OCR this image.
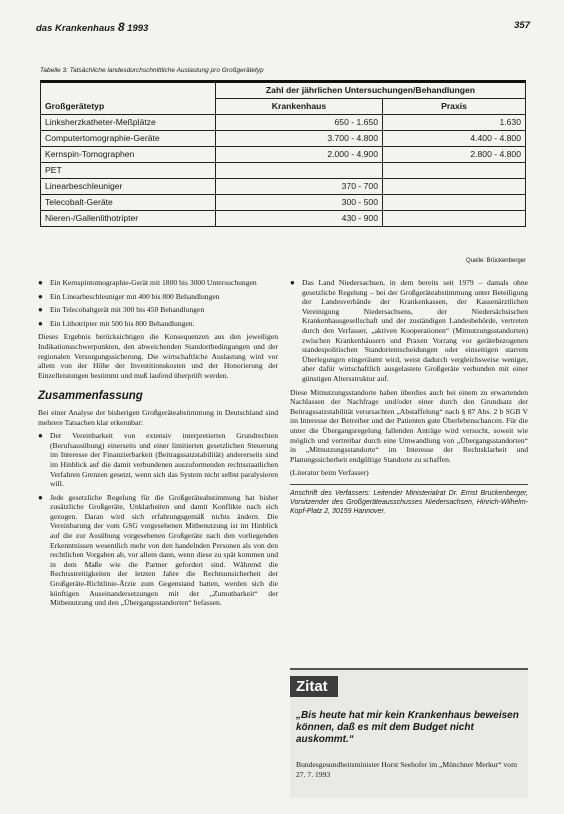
das Krankenhaus 8 1993	357
Tabelle 3: Tatsächliche landesdurchschnittliche Auslastung pro Großgerätetyp
	Zahl der jährlichen Untersuchungen/Behandlungen	
Großgerätetyp	Krankenhaus	Praxis
Linksherzkatheter-Meßplätze	650 - 1.650	1.630
Computertomographie-Geräte	3.700 - 4.800	4.400 - 4.800
Kernspin-Tomographen	2.000 - 4.900	2.800 - 4.800
PET		
Linearbeschleuniger	370 - 700	
Telecobalt-Geräte	300 - 500	
Nieren-/Gallenlithotripter	430 - 900	
Quelle: Brückenberger
● Ein Kernspintomographie-Gerät mit 1800 bis 3000 Untersuchungen
● Ein Linearbeschleuniger mit 400 bis 800 Behandlungen
● Ein Telecobaltgerät mit 300 bis 450 Behandlungen
● Ein Lithotripter mit 500 bis 800 Behandlungen.

Dieses Ergebnis berücksichtigen die Konsequenzen aus den jeweiligen Indikationsschwerpunkten, den abweichenden Standortbedingungen und der regionalen Versorgungssicherung. Die wirtschaftliche Auslastung wird vor allem von der Höhe der Investitionskosten und der Honorierung der Einzelleistungen bestimmt und muß laufend überprüft werden.

Zusammenfassung

Bei einer Analyse der bisherigen Großgeräteabstimmung in Deutschland sind mehrere Tatsachen klar erkennbar:

● Der Vereinbarkeit von extensiv interpretierten Grundrechten (Berufsausübung) einerseits und einer limitierten gesetzlichen Steuerung im Interesse der Finanzierbarkeit (Beitragssatzstabilität) andererseits sind im Hinblick auf die damit verbundenen auszuformenden rechtsstaatlichen Verfahren Grenzen gesetzt, wenn sich das System nicht selbst paralysieren will.
● Jede gesetzliche Regelung für die Großgeräteabstimmung hat bisher zusätzliche Großgeräte, Unklarheiten und damit Konflikte nach sich gezogen. Daran wird sich erfahrungsgemäß nichts ändern. Die Vereinbarung der vom GSG vorgesehenen Mitbenutzung ist im Hinblick auf die zur Ausübung vorgesehenen Großgeräte nach den vorliegenden Erkenntnissen wesentlich mehr von den handelnden Personen als von den rechtlichen Vorgaben ab, vor allem dann, wenn diese zu spät kommen und in dem Maße wie die Partner gefordert sind. Während die Rechtsstreitigkeiten der letzten Jahre die Rechtsunsicherheit der Großgeräte-Richtlinie-Ärzte zum Gegenstand hatten, werden sich die künftigen Auseinandersetzungen mit der „Zumutbarkeit“ der Mitbenutzung und den „Übergangsstandorten“ befassen.
● Das Land Niedersachsen, in dem bereits seit 1979 – damals ohne gesetzliche Regelung – bei der Großgeräteabstimmung unter Beteiligung der Landesverbände der Krankenkassen, der Kassenärztlichen Vereinigung Niedersachsens, der Niedersächsischen Krankenhausgesellschaft und der zuständigen Landesbehörde, vertreten durch den Verfasser, „aktiven Kooperationen“ (Mitnutzungsstandorten) zwischen Krankenhäusern und Praxen Vorrang vor gerätebezogenen standespolitischen Standortentscheidungen oder einseitigen starrem Überlegungen eingeräumt wird, weist dadurch vergleichsweise weniger, aber dafür wirtschaftlich ausgelastete Großgeräte verbunden mit einer günstigen Altersstruktur auf.

Diese Mitnutzungsstandorte haben überdies auch bei einem zu erwartenden Nachlassen der Nachfrage und/oder einer durch den Grundsatz der Beitragssatzstabilität verursachten „Abstaffelung“ nach § 87 Abs. 2 b SGB V im Interesse der Betreiber und der Patienten gute Überlebenschancen. Für die unter die Übergangsregelung fallenden Anträge wird versucht, soweit wie möglich und vertretbar durch eine Umwandlung von „Übergangsstandorten“ in „Mitnutzungsstandorte“ im Interesse der Rechtsklarheit und Planungssicherheit endgültige Standorte zu schaffen.

(Literatur beim Verfasser)

Anschrift des Verfassers: Leitender Ministerialrat Dr. Ernst Bruckenberger, Vorsitzender des Großgeräteausschusses Niedersachsen, Hinrich-Wilhelm-Kopf-Platz 2, 30159 Hannover.
Zitat
„Bis heute hat mir kein Krankenhaus beweisen können, daß es mit dem Budget nicht auskommt.“
Bundesgesundheitsminister Horst Seehofer im „Münchner Merkur“ vom 27. 7. 1993
